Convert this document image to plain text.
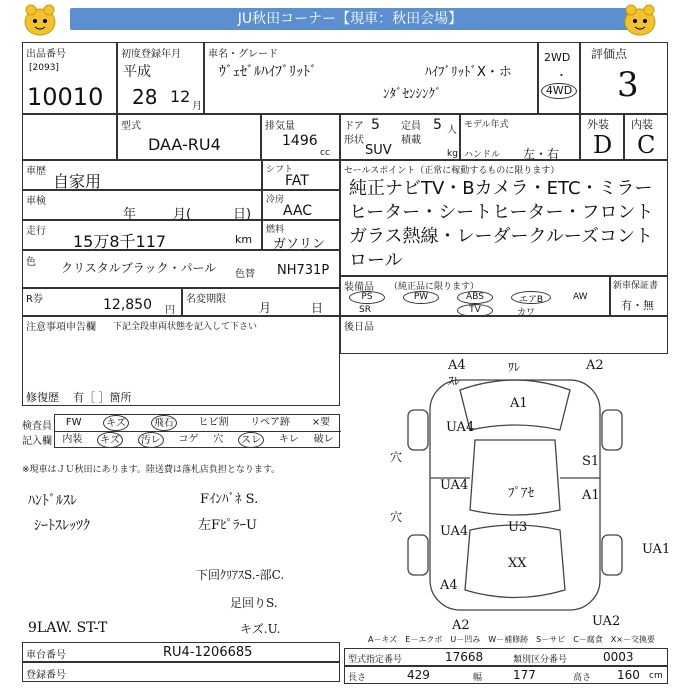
JU秋田コーナー【現車：秋田会場】
出品番号
[2093]
10010
初度登録年月
平成
28 12
月
車名・グレード
ｳﾞｪｾﾞﾙﾊｲﾌﾞﾘｯﾄﾞ	ﾊｲﾌﾞﾘｯﾄﾞX・ホ
ﾝﾀﾞｾﾝｼﾝｸﾞ
2WD
・
4WD
評価点
3
型式
DAA-RU4
排気量
1496
cc
ドア 5 定員 5 人
形状	積載
SUV	kg
モデル年式
ハンドル 左・右
外装
D
内装
C
車歴
自家用
車検
年	月(	日)
走行
15万8千117	km
シフト
FAT
冷房
AAC
燃料
ガソリン
色 クリスタルブラック・パール	色替 NH731P
R券	12,850 円
名変期限
月	日
注意事項申告欄 下記全段車両状態を記入して下さい
修復歴 有［ ］箇所
検査員
記入欄
FW	キズ	飛石	ヒビ割 リペア跡 ×要
内装	キズ	汚レ	コゲ 穴	スレ	キレ 破レ
※現車はＪＵ秋田にあります。陸送費は落札店負担となります。
ﾊﾝﾄﾞﾙｽﾚ
ｼｰﾄｽﾚｯﾂｸ
9LAW. ST-T
セールスポイント（正常に稼動するものに限ります）
純正ナビTV・Bカメラ・ETC・ミラーヒーター・シートヒーター・フロントガラス熱線・レーダークルーズコントロール
装備品 （純正品に限ります）
PS	PW	ABS	エアB	AW
SR	TV	カワ
新車保証書
有・無
後日品
A4
ｽﾚ
ﾜﾚ	A2
A1
UA4
UA4
UA4
ﾌﾟｱｾ
S1
A1
U3
XX
A4
A2	UA2
UA1
穴
穴
Fｲﾝﾊﾞﾈ S.
左FﾋﾟﾗｰU
下回ｸﾘｱｽS.-部C.
足回りS.
キズ.U.
A－キズ　E－エクボ　U－凹み　W－補修跡　S－サビ　C－腐食　X×－交換要
車台番号	RU4-1206685
登録番号
型式指定番号	17668	類別区分番号	0003
長さ	429	幅	177	高さ 160 cm
